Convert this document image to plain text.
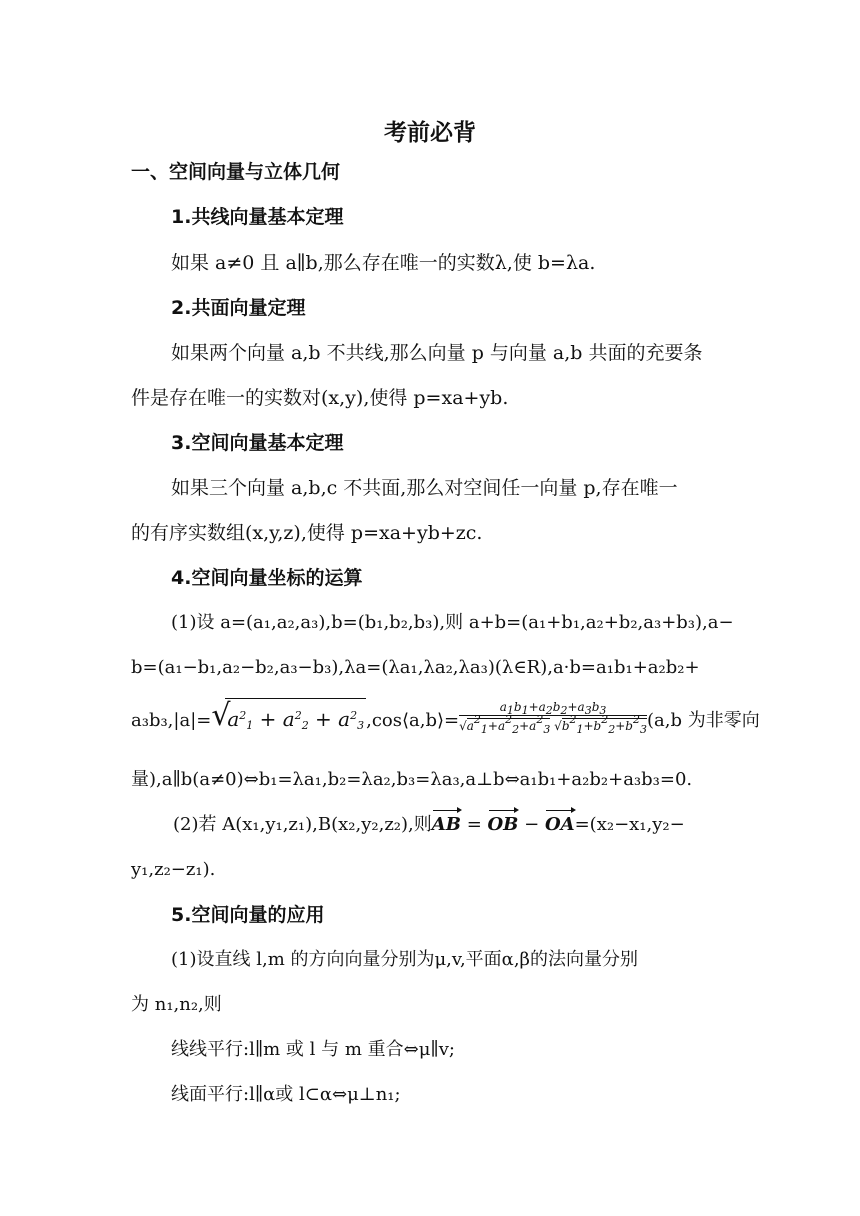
考前必背
一、空间向量与立体几何
1.共线向量基本定理
如果 a≠0 且 a∥b,那么存在唯一的实数λ,使 b=λa.
2.共面向量定理
如果两个向量 a,b 不共线,那么向量 p 与向量 a,b 共面的充要条
件是存在唯一的实数对(x,y),使得 p=xa+yb.
3.空间向量基本定理
如果三个向量 a,b,c 不共面,那么对空间任一向量 p,存在唯一
的有序实数组(x,y,z),使得 p=xa+yb+zc.
4.空间向量坐标的运算
(1)设 a=(a₁,a₂,a₃),b=(b₁,b₂,b₃),则 a+b=(a₁+b₁,a₂+b₂,a₃+b₃),a−
b=(a₁−b₁,a₂−b₂,a₃−b₃),λa=(λa₁,λa₂,λa₃)(λ∈R),a·b=a₁b₁+a₂b₂+
a₃b₃,|a|= √
$a^2_1 + a^2_2 + a^2_3$ ,cos⟨a,b⟩= $\frac{a_1b_1+a_2b_2+a_3b_3}{√a^2_1+a^2_2+a^2_3 √b^2_1+b^2_2+b^2_3} (a,b$ 为非零向
量),a∥b(a≠0)⇔b₁=λa₁,b₂=λa₂,b₃=λa₃,a⊥b⇔a₁b₁+a₂b₂+a₃b₃=0.
(2)若 A(x₁,y₁,z₁),B(x₂,y₂,z₂),则AB = OB − OA=(x₂−x₁,y₂−
y₁,z₂−z₁).
5.空间向量的应用
(1)设直线 l,m 的方向向量分别为μ,v,平面α,β的法向量分别
为 n₁,n₂,则
线线平行:l∥m 或 l 与 m 重合⇔μ∥v;
线面平行:l∥α或 l⊂α⇔μ⊥n₁;
